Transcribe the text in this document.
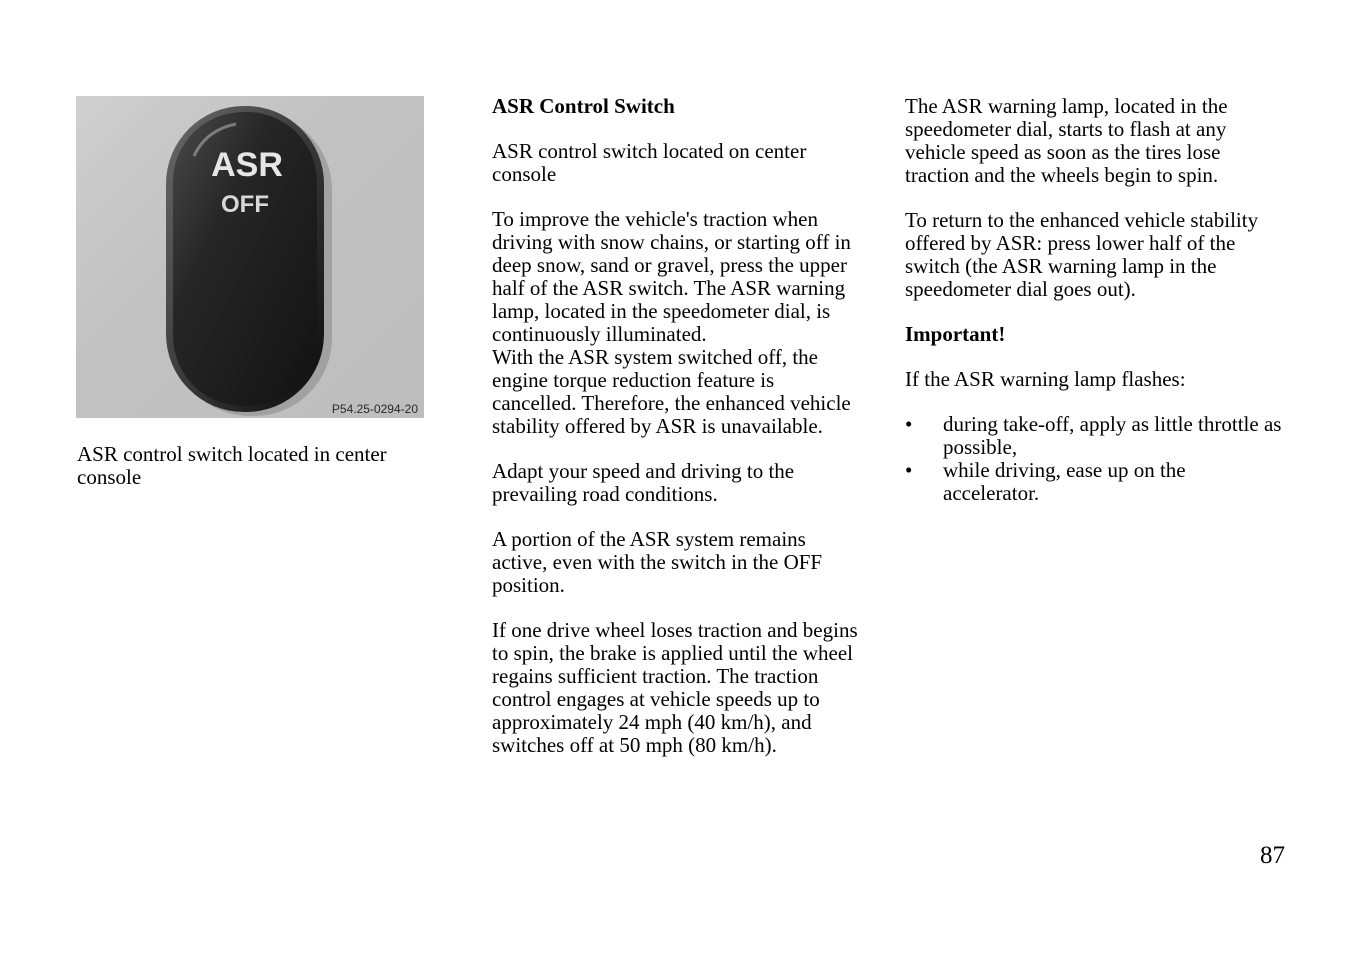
ASR
OFF
P54.25-0294-20
ASR control switch located in center console

ASR Control Switch

ASR control switch located on center console

To improve the vehicle's traction when driving with snow chains, or starting off in deep snow, sand or gravel, press the upper half of the ASR switch. The ASR warning lamp, located in the speedometer dial, is continuously illuminated.

With the ASR system switched off, the engine torque reduction feature is cancelled. Therefore, the enhanced vehicle stability offered by ASR is unavailable.

Adapt your speed and driving to the prevailing road conditions.

A portion of the ASR system remains active, even with the switch in the OFF position.

If one drive wheel loses traction and begins to spin, the brake is applied until the wheel regains sufficient traction. The traction control engages at vehicle speeds up to approximately 24 mph (40 km/h), and switches off at 50 mph (80 km/h).

The ASR warning lamp, located in the speedometer dial, starts to flash at any vehicle speed as soon as the tires lose traction and the wheels begin to spin.

To return to the enhanced vehicle stability offered by ASR: press lower half of the switch (the ASR warning lamp in the speedometer dial goes out).

Important!

If the ASR warning lamp flashes:

• during take-off, apply as little throttle as possible,
• while driving, ease up on the accelerator.
87
